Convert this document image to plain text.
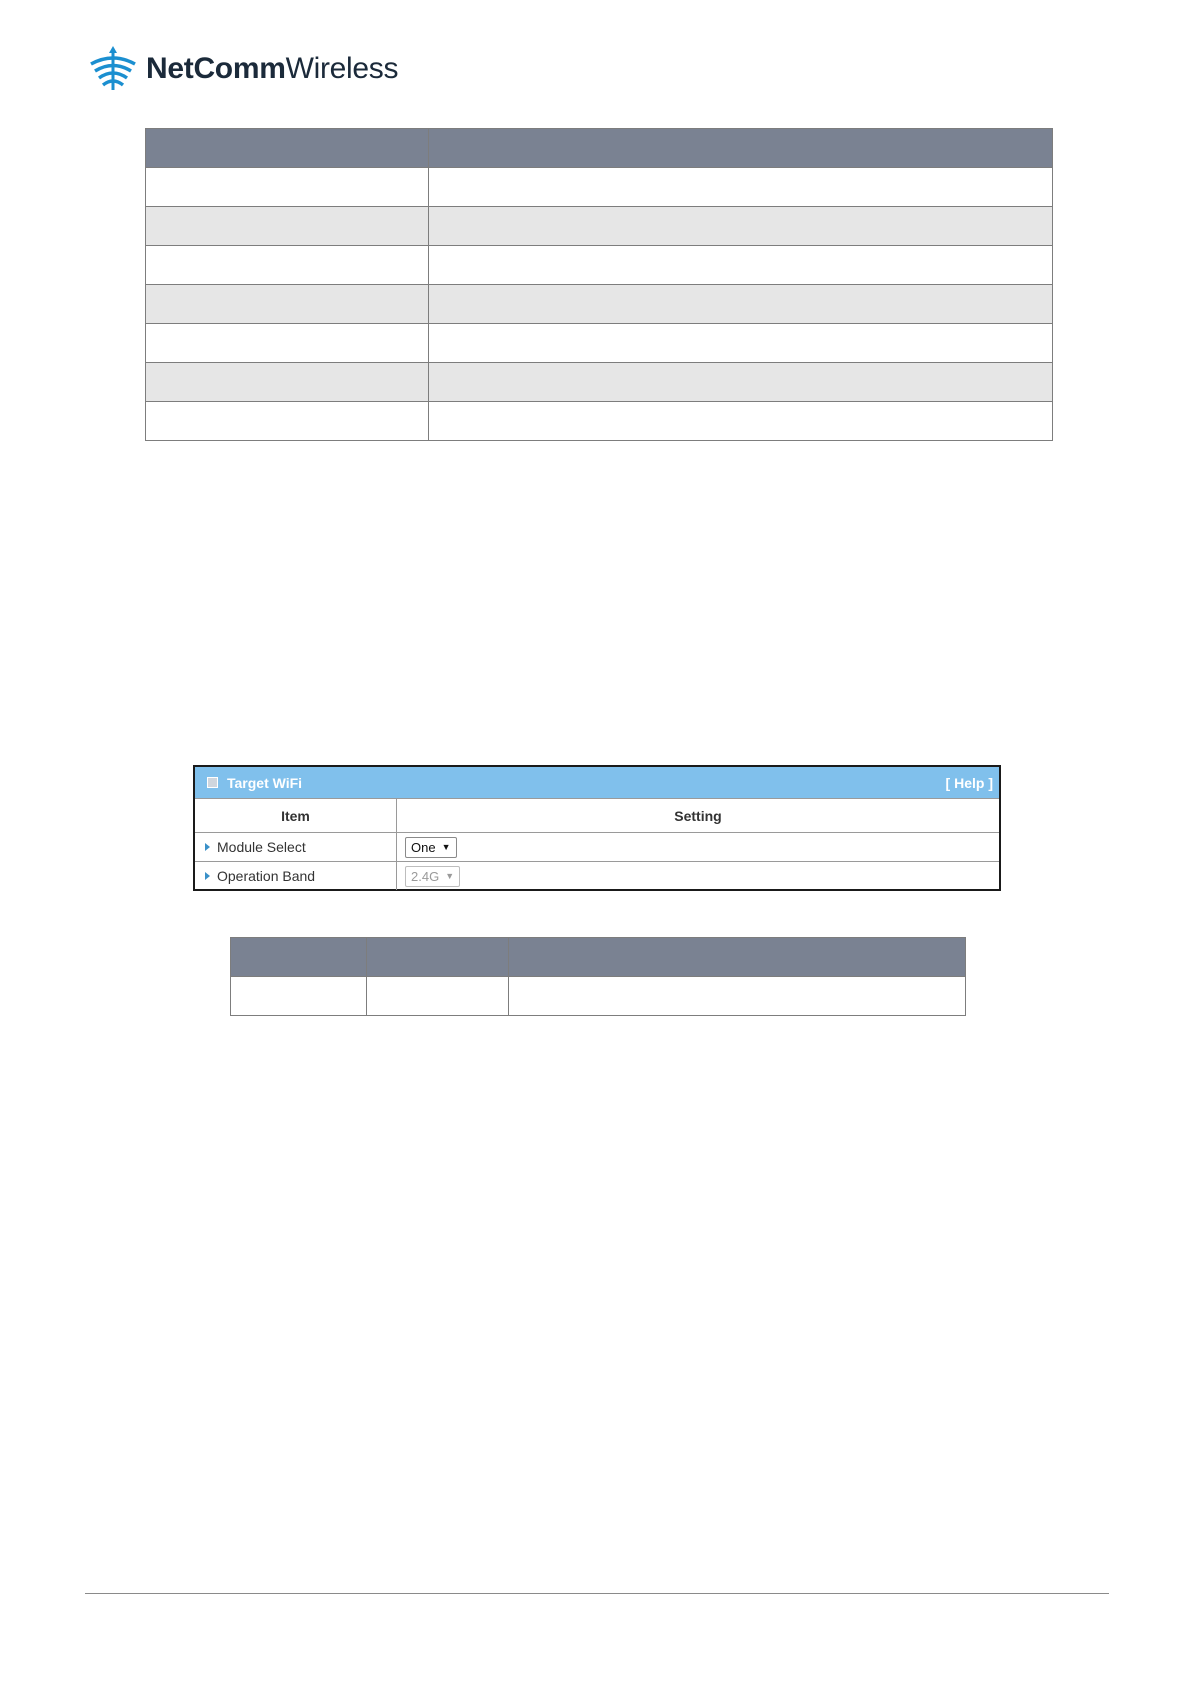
NetCommWireless

Target WiFi	[ Help ]
Item	Setting

Module Select	One ▼

Operation Band	2.4G ▼
